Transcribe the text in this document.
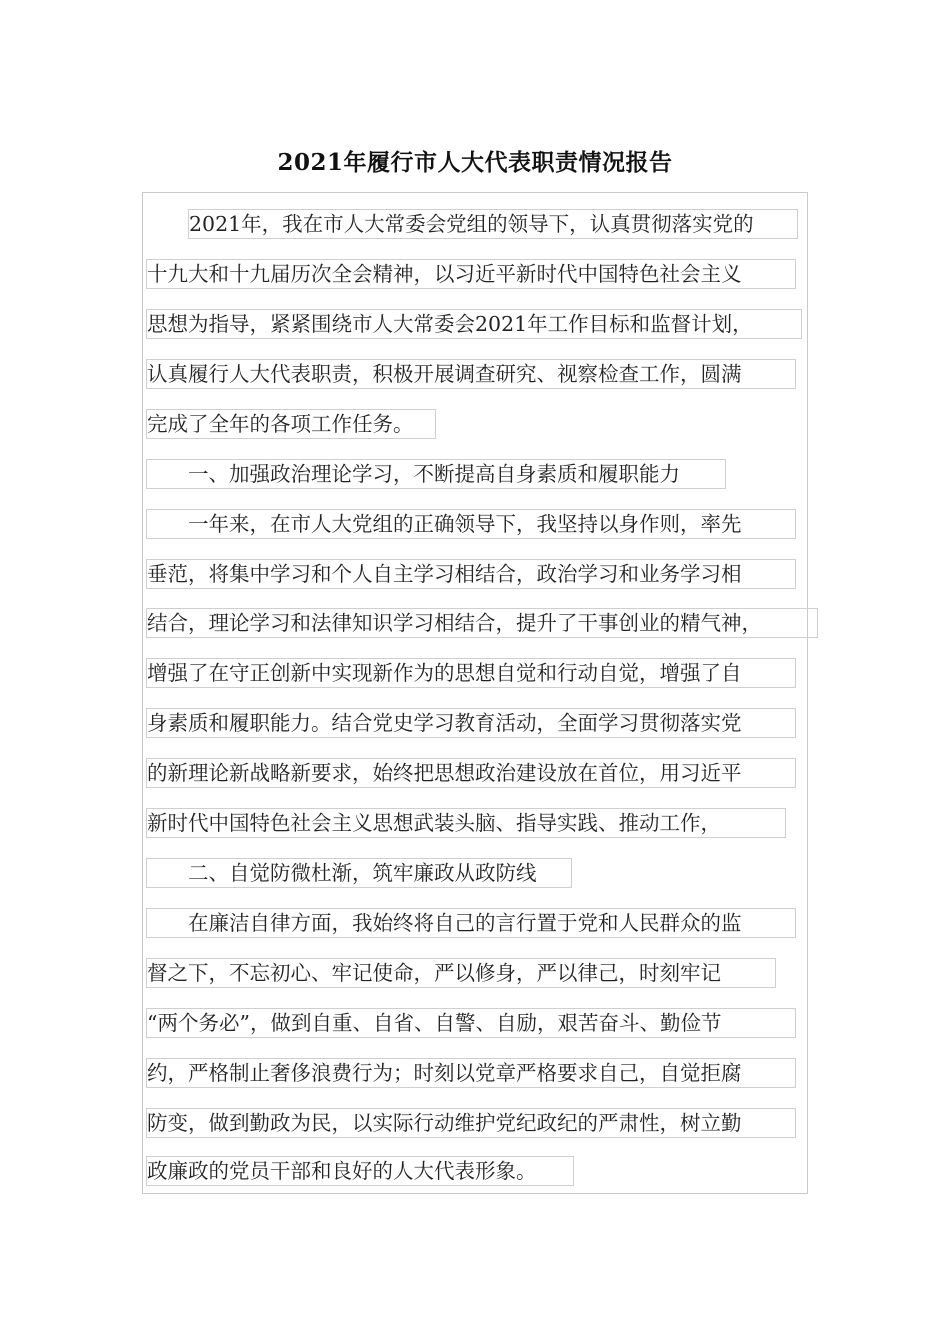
2021年履行市人大代表职责情况报告
2021年，我在市人大常委会党组的领导下，认真贯彻落实党的
十九大和十九届历次全会精神，以习近平新时代中国特色社会主义
思想为指导，紧紧围绕市人大常委会2021年工作目标和监督计划，
认真履行人大代表职责，积极开展调查研究、视察检查工作，圆满
完成了全年的各项工作任务。
　　一、加强政治理论学习，不断提高自身素质和履职能力
　　一年来，在市人大党组的正确领导下，我坚持以身作则，率先
垂范，将集中学习和个人自主学习相结合，政治学习和业务学习相
结合，理论学习和法律知识学习相结合，提升了干事创业的精气神，
增强了在守正创新中实现新作为的思想自觉和行动自觉，增强了自
身素质和履职能力。结合党史学习教育活动，全面学习贯彻落实党
的新理论新战略新要求，始终把思想政治建设放在首位，用习近平
新时代中国特色社会主义思想武装头脑、指导实践、推动工作，
　　二、自觉防微杜渐，筑牢廉政从政防线
　　在廉洁自律方面，我始终将自己的言行置于党和人民群众的监
督之下，不忘初心、牢记使命，严以修身，严以律己，时刻牢记
“两个务必”，做到自重、自省、自警、自励，艰苦奋斗、勤俭节
约，严格制止奢侈浪费行为；时刻以党章严格要求自己，自觉拒腐
防变，做到勤政为民，以实际行动维护党纪政纪的严肃性，树立勤
政廉政的党员干部和良好的人大代表形象。
